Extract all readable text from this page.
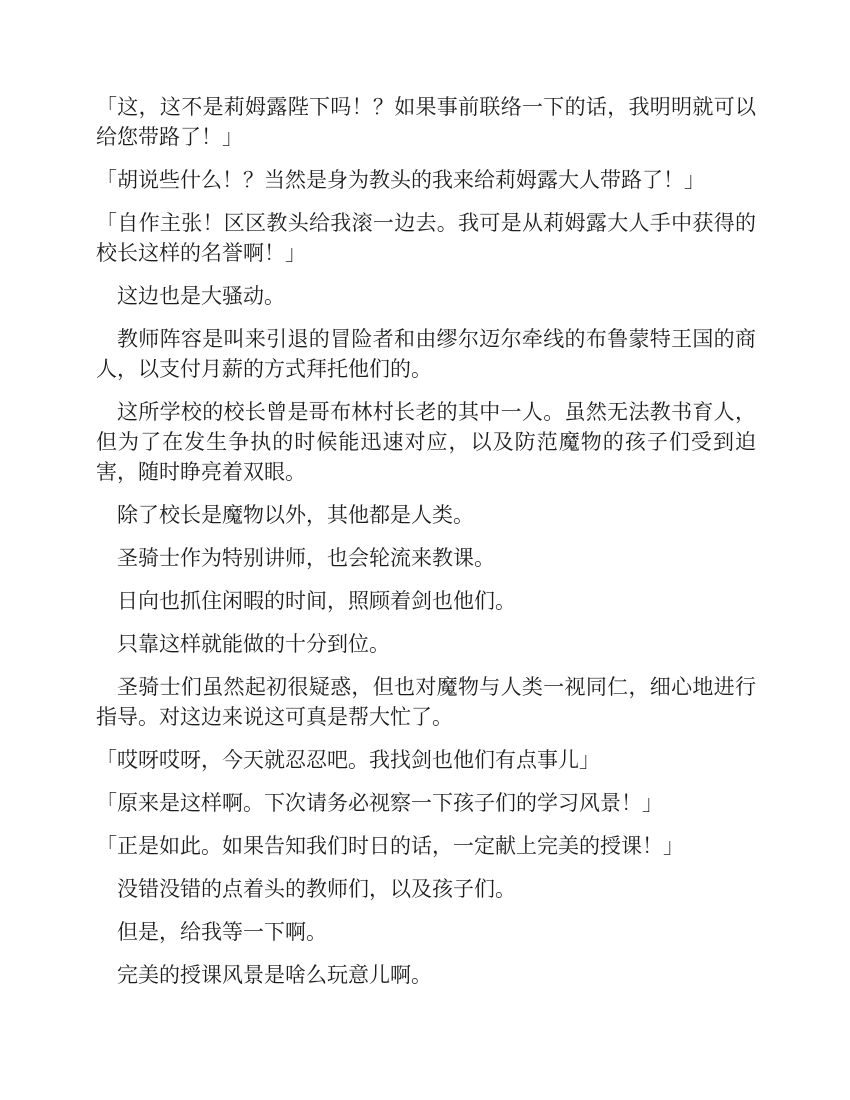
「这，这不是莉姆露陛下吗！？如果事前联络一下的话，我明明就可以给您带路了！」

「胡说些什么！？当然是身为教头的我来给莉姆露大人带路了！」

「自作主张！区区教头给我滚一边去。我可是从莉姆露大人手中获得的校长这样的名誉啊！」

这边也是大骚动。

教师阵容是叫来引退的冒险者和由缪尔迈尔牵线的布鲁蒙特王国的商人，以支付月薪的方式拜托他们的。

这所学校的校长曾是哥布林村长老的其中一人。虽然无法教书育人，但为了在发生争执的时候能迅速对应，以及防范魔物的孩子们受到迫害，随时睁亮着双眼。

除了校长是魔物以外，其他都是人类。

圣骑士作为特别讲师，也会轮流来教课。

日向也抓住闲暇的时间，照顾着剑也他们。

只靠这样就能做的十分到位。

圣骑士们虽然起初很疑惑，但也对魔物与人类一视同仁，细心地进行指导。对这边来说这可真是帮大忙了。

「哎呀哎呀，今天就忍忍吧。我找剑也他们有点事儿」

「原来是这样啊。下次请务必视察一下孩子们的学习风景！」

「正是如此。如果告知我们时日的话，一定献上完美的授课！」

没错没错的点着头的教师们，以及孩子们。

但是，给我等一下啊。

完美的授课风景是啥么玩意儿啊。
